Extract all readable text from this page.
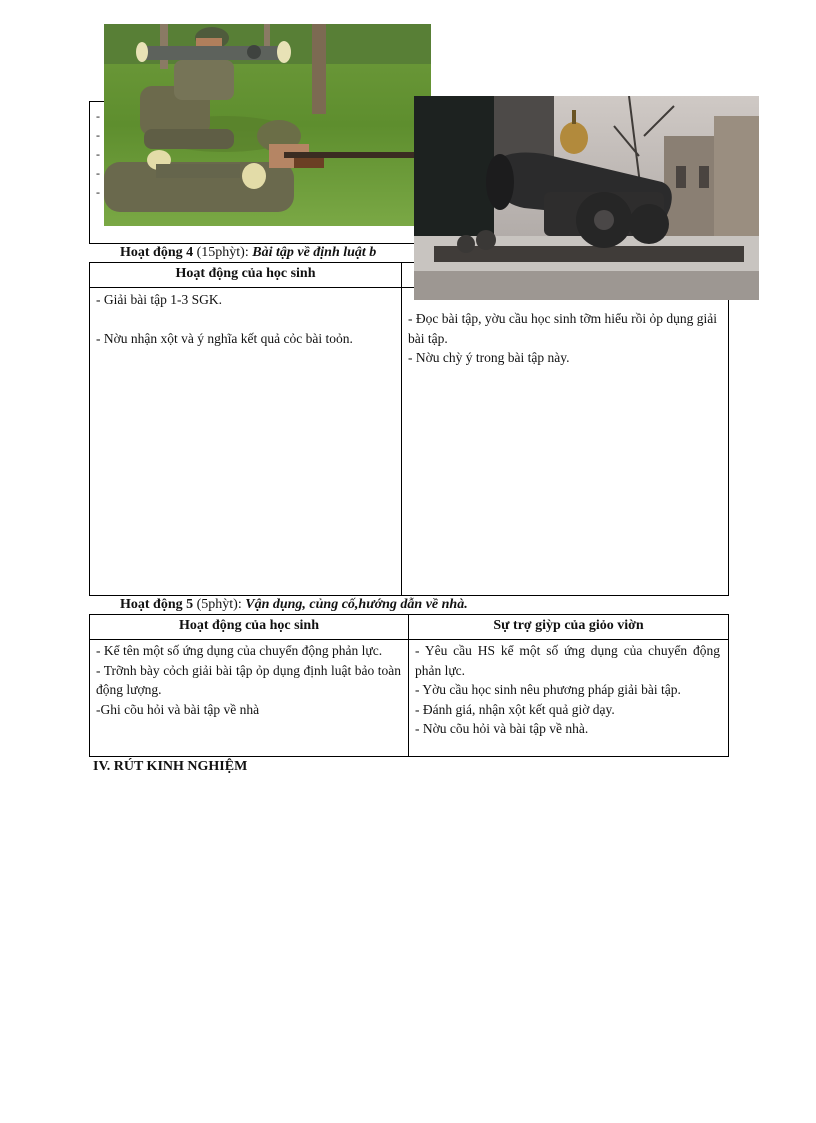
-
-
-
-
-
Hoạt động 4 (15phỳt): Bài tập về định luật b
Hoạt động của học sinh

- Giải bài tập 1-3 SGK.

- Nờu nhận xột và ý nghĩa kết quả cỏc bài toỏn.

- Đọc bài tập, yờu cầu học sinh tỡm hiểu rồi ỏp dụng giải bài tập.

- Nờu chỳ ý trong bài tập này.

Hoạt động 5 (5phỳt): Vận dụng, củng cố,hướng dẫn về nhà.
Hoạt động của học sinh	Sự trợ giỳp của giỏo viờn

- Kể tên một số ứng dụng của chuyển động phản lực.

- Trỡnh bày cỏch giải bài tập ỏp dụng định luật bảo toàn động lượng.

-Ghi cõu hỏi và bài tập về nhà

- Yêu cầu HS kể một số ứng dụng của chuyển động phản lực.

- Yờu cầu học sinh nêu phương pháp giải bài tập.

- Đánh giá, nhận xột kết quả giờ dạy.

- Nờu cõu hỏi và bài tập về nhà.

IV. RÚT KINH NGHIỆM
